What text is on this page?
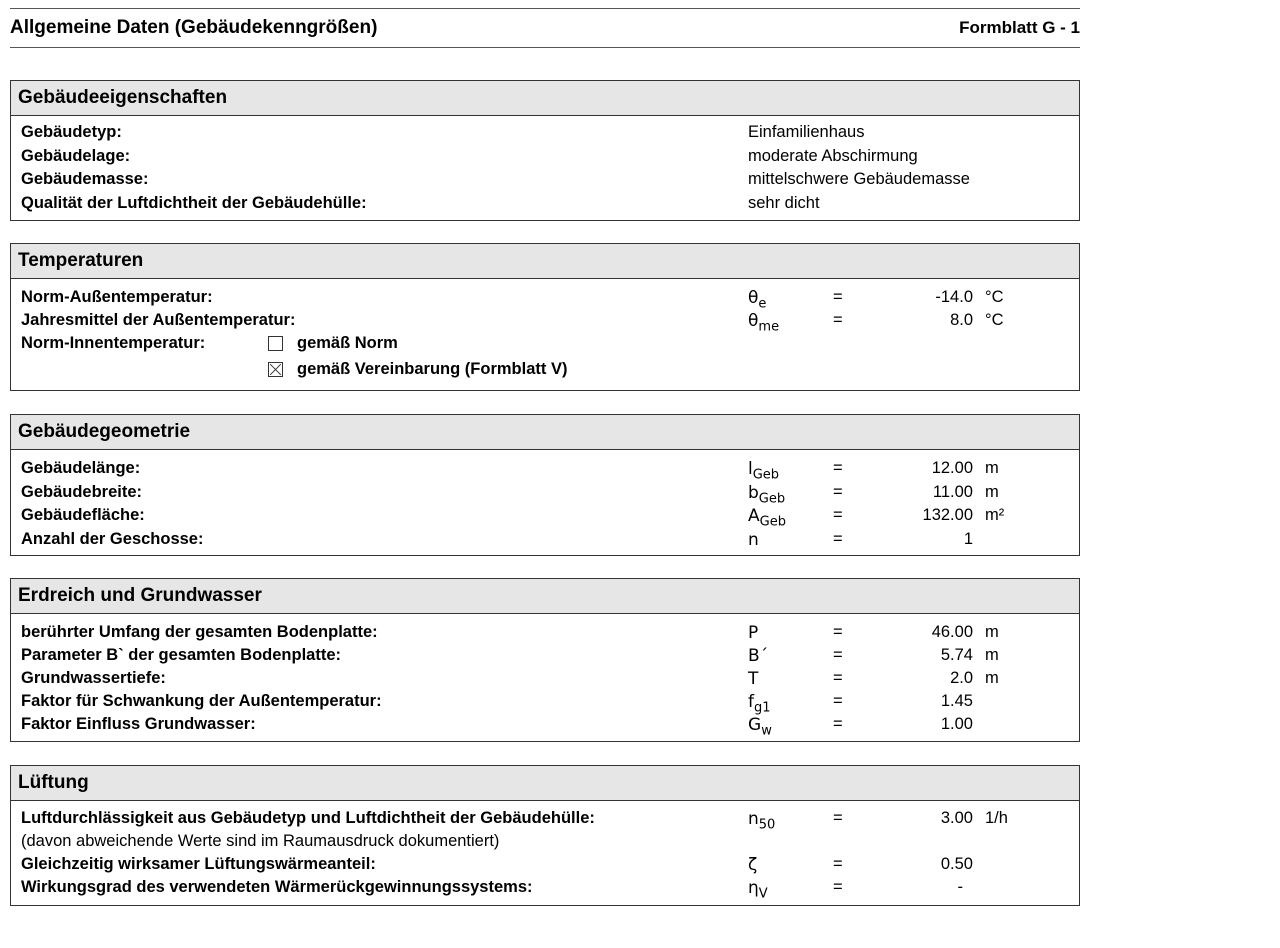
Allgemeine Daten (Gebäudekenngrößen)	Formblatt G - 1
Gebäudeeigenschaften
Gebäudetyp:	Einfamilienhaus
Gebäudelage:	moderate Abschirmung
Gebäudemasse:	mittelschwere Gebäudemasse
Qualität der Luftdichtheit der Gebäudehülle:	sehr dicht
Temperaturen
Norm-Außentemperatur:	$\theta_e$	=	-14.0 °C
Jahresmittel der Außentemperatur:	$\theta_{me}$	=	8.0 °C
Norm-Innentemperatur:	gemäß Norm
gemäß Vereinbarung (Formblatt V)
Gebäudegeometrie
Gebäudelänge:	$l_{Geb}$	=	12.00 m
Gebäudebreite:	$b_{Geb}$	=	11.00 m
Gebäudefläche:	$A_{Geb}$	=	132.00 m²
Anzahl der Geschosse:	n	=	1
Erdreich und Grundwasser
berührter Umfang der gesamten Bodenplatte:	P	=	46.00 m
Parameter B` der gesamten Bodenplatte:	B´	=	5.74 m
Grundwassertiefe:	T	=	2.0 m
Faktor für Schwankung der Außentemperatur:	$f_{g1}$	=	1.45
Faktor Einfluss Grundwasser:	$G_w$	=	1.00
Lüftung
Luftdurchlässigkeit aus Gebäudetyp und Luftdichtheit der Gebäudehülle:	$n_{50}$	=	3.00 1/h
(davon abweichende Werte sind im Raumausdruck dokumentiert)
Gleichzeitig wirksamer Lüftungswärmeanteil:	ζ	=	0.50
Wirkungsgrad des verwendeten Wärmerückgewinnungssystems:	$\eta_V$	=	-
